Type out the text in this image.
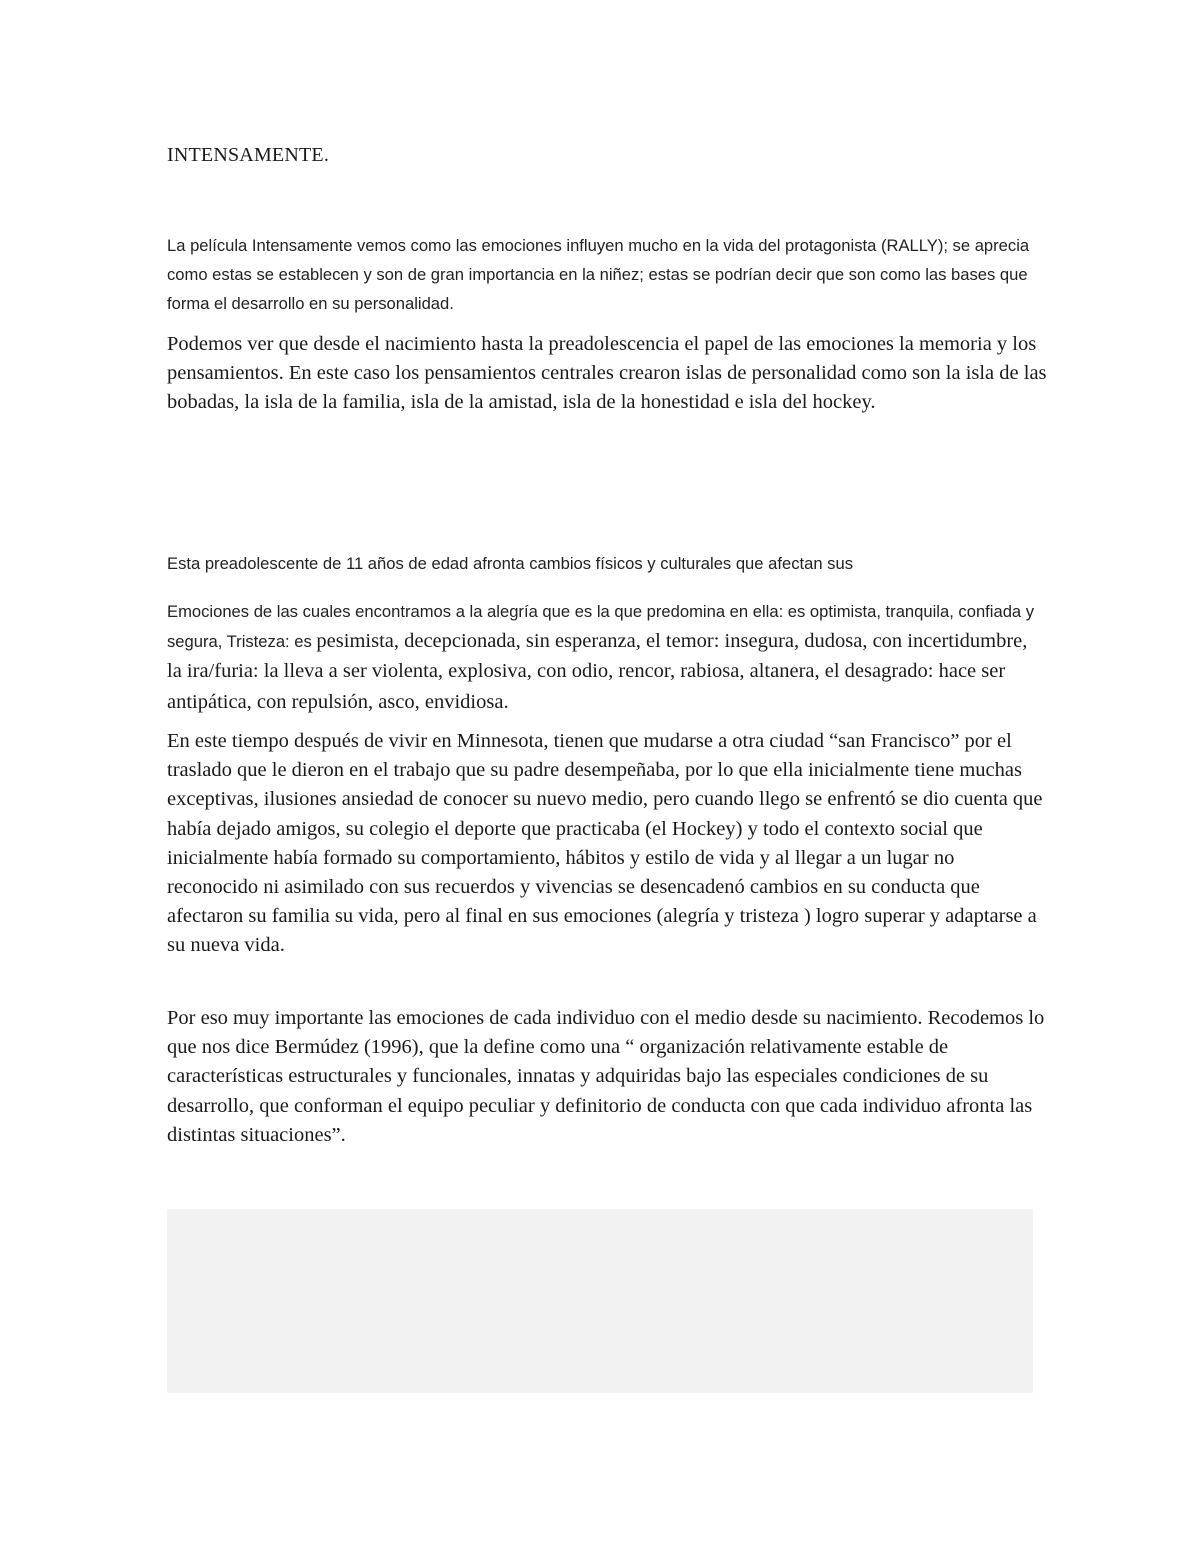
INTENSAMENTE.

La película Intensamente vemos como las emociones influyen mucho en la vida del protagonista (RALLY); se aprecia como estas se establecen y son de gran importancia en la niñez; estas se podrían decir que son como las bases que forma el desarrollo en su personalidad.

Podemos ver que desde el nacimiento hasta la preadolescencia el papel de las emociones la memoria y los pensamientos. En este caso los pensamientos centrales crearon islas de personalidad como son la isla de las bobadas, la isla de la familia, isla de la amistad, isla de la honestidad e isla del hockey.

Esta preadolescente de 11 años de edad afronta cambios físicos y culturales que afectan sus

Emociones de las cuales encontramos a la alegría que es la que predomina en ella: es optimista, tranquila, confiada y segura, Tristeza: es pesimista, decepcionada, sin esperanza, el temor: insegura, dudosa, con incertidumbre, la ira/furia: la lleva a ser violenta, explosiva, con odio, rencor, rabiosa, altanera, el desagrado: hace ser antipática, con repulsión, asco, envidiosa.

En este tiempo después de vivir en Minnesota, tienen que mudarse a otra ciudad “san Francisco” por el traslado que le dieron en el trabajo que su padre desempeñaba, por lo que ella inicialmente tiene muchas exceptivas, ilusiones ansiedad de conocer su nuevo medio, pero cuando llego se enfrentó se dio cuenta que había dejado amigos, su colegio el deporte que practicaba (el Hockey) y todo el contexto social que inicialmente había formado su comportamiento, hábitos y estilo de vida y al llegar a un lugar no reconocido ni asimilado con sus recuerdos y vivencias se desencadenó cambios en su conducta que afectaron su familia su vida, pero al final en sus emociones (alegría y tristeza ) logro superar y adaptarse a su nueva vida.

Por eso muy importante las emociones de cada individuo con el medio desde su nacimiento. Recodemos lo que nos dice Bermúdez (1996), que la define como una “ organización relativamente estable de características estructurales y funcionales, innatas y adquiridas bajo las especiales condiciones de su desarrollo, que conforman el equipo peculiar y definitorio de conducta con que cada individuo afronta las distintas situaciones”.
